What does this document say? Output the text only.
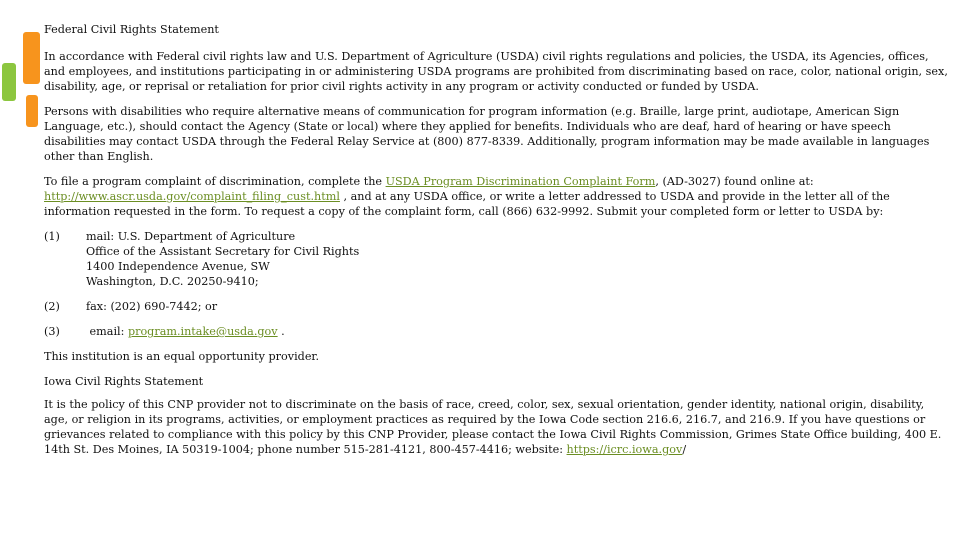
Federal Civil Rights Statement

In accordance with Federal civil rights law and U.S. Department of Agriculture (USDA) civil rights regulations and policies, the USDA, its Agencies, offices, and employees, and institutions participating in or administering USDA programs are prohibited from discriminating based on race, color, national origin, sex, disability, age, or reprisal or retaliation for prior civil rights activity in any program or activity conducted or funded by USDA.

Persons with disabilities who require alternative means of communication for program information (e.g. Braille, large print, audiotape, American Sign Language, etc.), should contact the Agency (State or local) where they applied for benefits. Individuals who are deaf, hard of hearing or have speech disabilities may contact USDA through the Federal Relay Service at (800) 877-8339. Additionally, program information may be made available in languages other than English.

To file a program complaint of discrimination, complete the USDA Program Discrimination Complaint Form, (AD-3027) found online at: http://www.ascr.usda.gov/complaint_filing_cust.html , and at any USDA office, or write a letter addressed to USDA and provide in the letter all of the information requested in the form. To request a copy of the complaint form, call (866) 632-9992. Submit your completed form or letter to USDA by:

(1)	mail: U.S. Department of Agriculture
Office of the Assistant Secretary for Civil Rights
1400 Independence Avenue, SW
Washington, D.C. 20250-9410;
(2)	fax: (202) 690-7442; or
(3)	email: program.intake@usda.gov .

This institution is an equal opportunity provider.

Iowa Civil Rights Statement

It is the policy of this CNP provider not to discriminate on the basis of race, creed, color, sex, sexual orientation, gender identity, national origin, disability, age, or religion in its programs, activities, or employment practices as required by the Iowa Code section 216.6, 216.7, and 216.9. If you have questions or grievances related to compliance with this policy by this CNP Provider, please contact the Iowa Civil Rights Commission, Grimes State Office building, 400 E. 14th St. Des Moines, IA 50319-1004; phone number 515-281-4121, 800-457-4416; website: https://icrc.iowa.gov/
